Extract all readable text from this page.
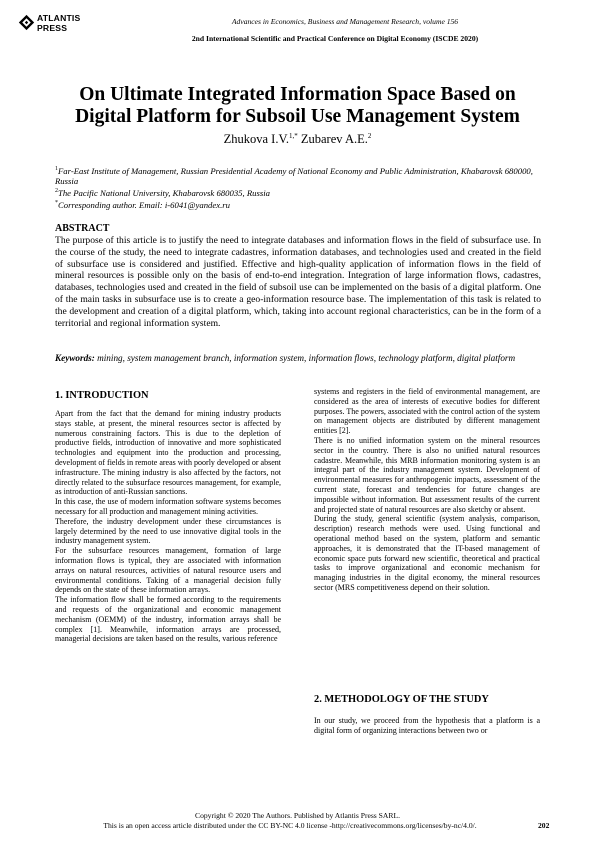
ATLANTIS
PRESS
Advances in Economics, Business and Management Research, volume 156
2nd International Scientific and Practical Conference on Digital Economy (ISCDE 2020)
On Ultimate Integrated Information Space Based on
Digital Platform for Subsoil Use Management System
Zhukova I.V.$^{1,*}$ Zubarev A.E.$^2$
$^1$Far-East Institute of Management, Russian Presidential Academy of National Economy and Public Administration, Khabarovsk 680000, Russia
$^2$The Pacific National University, Khabarovsk 680035, Russia
*Corresponding author. Email: i-6041@yandex.ru
ABSTRACT
The purpose of this article is to justify the need to integrate databases and information flows in the field of subsurface use. In the course of the study, the need to integrate cadastres, information databases, and technologies used and created in the field of subsurface use is considered and justified. Effective and high-quality application of information flows in the field of mineral resources is possible only on the basis of end-to-end integration. Integration of large information flows, cadastres, databases, technologies used and created in the field of subsoil use can be implemented on the basis of a digital platform. One of the main tasks in subsurface use is to create a geo-information resource base. The implementation of this task is related to the development and creation of a digital platform, which, taking into account regional characteristics, can be in the form of a territorial and regional information system.
Keywords: mining, system management branch, information system, information flows, technology platform, digital platform
1. INTRODUCTION

Apart from the fact that the demand for mining industry products stays stable, at present, the mineral resources sector is affected by numerous constraining factors. This is due to the depletion of productive fields, introduction of innovative and more sophisticated technologies and equipment into the production and processing, development of fields in remote areas with poorly developed or absent infrastructure. The mining industry is also affected by the factors, not directly related to the subsurface resources management, for example, as introduction of anti-Russian sanctions.

In this case, the use of modern information software systems becomes necessary for all production and management mining activities.

Therefore, the industry development under these circumstances is largely determined by the need to use innovative digital tools in the industry management system.

For the subsurface resources management, formation of large information flows is typical, they are associated with information arrays on natural resources, activities of natural resource users and environmental conditions. Taking of a managerial decision fully depends on the state of these information arrays.

The information flow shall be formed according to the requirements and requests of the organizational and economic management mechanism (OEMM) of the industry, information arrays shall be complex [1]. Meanwhile, information arrays are processed, managerial decisions are taken based on the results, various reference

systems and registers in the field of environmental management, are considered as the area of interests of executive bodies for different purposes. The powers, associated with the control action of the system on management objects are distributed by different management entities [2].

There is no unified information system on the mineral resources sector in the country. There is also no unified natural resources cadastre. Meanwhile, this MRB information monitoring system is an integral part of the industry management system. Development of environmental measures for anthropogenic impacts, assessment of the current state, forecast and tendencies for future changes are impossible without information. But assessment results of the current and projected state of natural resources are also sketchy or absent.

During the study, general scientific (system analysis, comparison, description) research methods were used. Using functional and operational method based on the system, platform and semantic approaches, it is demonstrated that the IT-based management of economic space puts forward new scientific, theoretical and practical tasks to improve organizational and economic mechanism for managing industries in the digital economy, the mineral resources sector (MRS competitiveness depend on their solution.

2. METHODOLOGY OF THE STUDY
In our study, we proceed from the hypothesis that a platform is a digital form of organizing interactions between two or
Copyright © 2020 The Authors. Published by Atlantis Press SARL.
This is an open access article distributed under the CC BY-NC 4.0 license -http://creativecommons.org/licenses/by-nc/4.0/.	202
